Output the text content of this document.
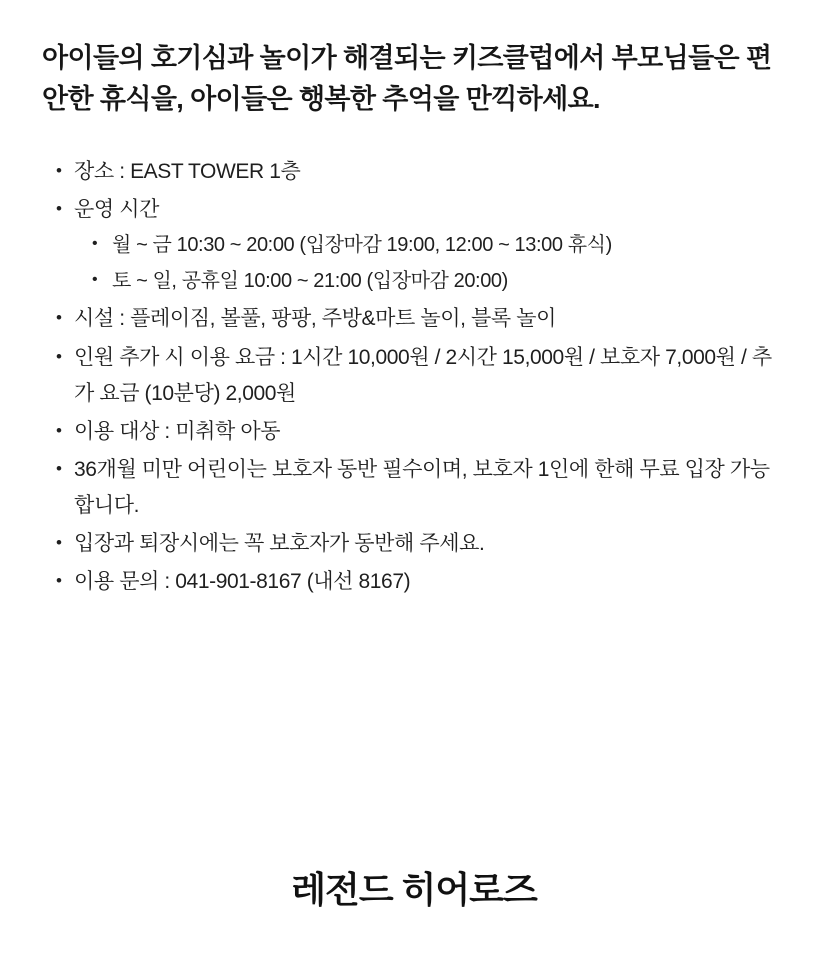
아이들의 호기심과 놀이가 해결되는 키즈클럽에서 부모님들은 편안한 휴식을, 아이들은 행복한 추억을 만끽하세요.
• 장소 : EAST TOWER 1층
• 운영 시간
• 월 ~ 금 10:30 ~ 20:00 (입장마감 19:00, 12:00 ~ 13:00 휴식)
• 토 ~ 일, 공휴일 10:00 ~ 21:00 (입장마감 20:00)
• 시설 : 플레이짐, 볼풀, 팡팡, 주방&마트 놀이, 블록 놀이
• 인원 추가 시 이용 요금 : 1시간 10,000원 / 2시간 15,000원 / 보호자 7,000원 / 추가 요금 (10분당) 2,000원
• 이용 대상 : 미취학 아동
• 36개월 미만 어린이는 보호자 동반 필수이며, 보호자 1인에 한해 무료 입장 가능합니다.
• 입장과 퇴장시에는 꼭 보호자가 동반해 주세요.
• 이용 문의 : 041-901-8167 (내선 8167)
레전드 히어로즈
